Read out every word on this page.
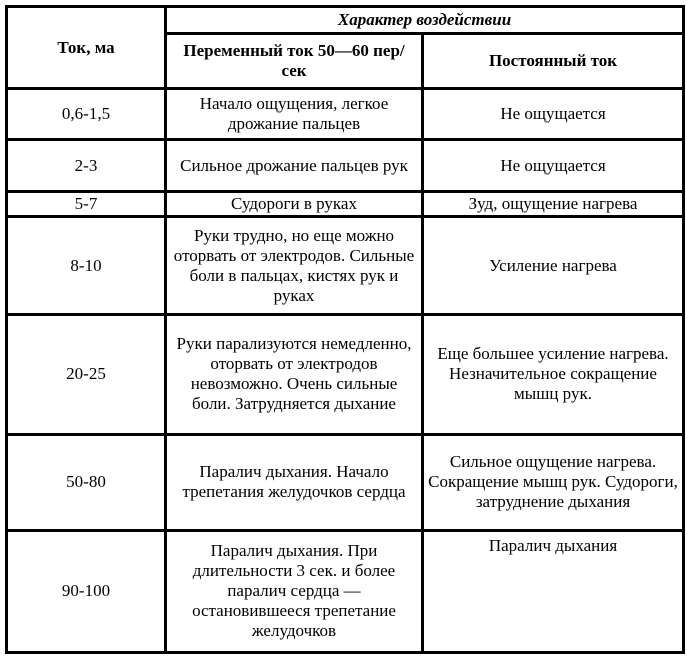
Ток, ма	Характер воздействии	
	Переменный ток 50—60 пер/сек	Постоянный ток
0,6-1,5	Начало ощущения, легкое дрожание пальцев	Не ощущается
2-3	Сильное дрожание пальцев рук	Не ощущается
5-7	Судороги в руках	Зуд, ощущение нагрева
8-10	Руки трудно, но еще можно оторвать от электродов. Сильные боли в пальцах, кистях рук и руках	Усиление нагрева
20-25	Руки парализуются немедленно, оторвать от электродов невозможно. Очень сильные боли. Затрудняется дыхание	Еще большее усиление нагрева. Незначительное сокращение мышц рук.
50-80	Паралич дыхания. Начало трепетания желудочков сердца	Сильное ощущение нагрева. Сокращение мышц рук. Судороги, затруднение дыхания
90-100	Паралич дыхания. При длительности 3 сек. и более паралич сердца — остановившееся трепетание желудочков	Паралич дыхания
